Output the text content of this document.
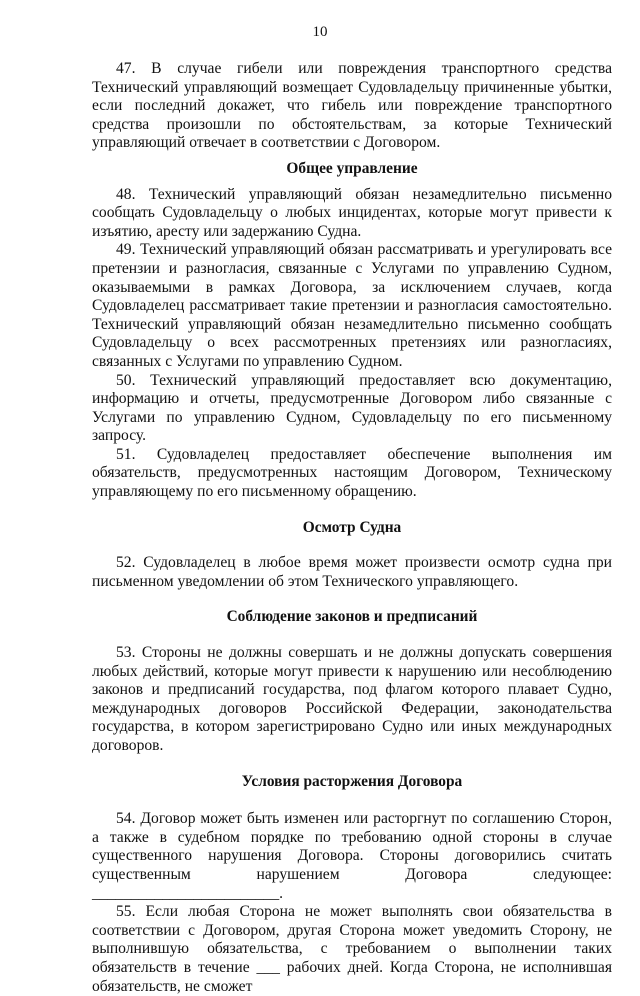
10

47. В случае гибели или повреждения транспортного средства Технический управляющий возмещает Судовладельцу причиненные убытки, если последний докажет, что гибель или повреждение транспортного средства произошли по обстоятельствам, за которые Технический управляющий отвечает в соответствии с Договором.

Общее управление

48. Технический управляющий обязан незамедлительно письменно сообщать Судовладельцу о любых инцидентах, которые могут привести к изъятию, аресту или задержанию Судна.

49. Технический управляющий обязан рассматривать и урегулировать все претензии и разногласия, связанные с Услугами по управлению Судном, оказываемыми в рамках Договора, за исключением случаев, когда Судовладелец рассматривает такие претензии и разногласия самостоятельно. Технический управляющий обязан незамедлительно письменно сообщать Судовладельцу о всех рассмотренных претензиях или разногласиях, связанных с Услугами по управлению Судном.

50. Технический управляющий предоставляет всю документацию, информацию и отчеты, предусмотренные Договором либо связанные с Услугами по управлению Судном, Судовладельцу по его письменному запросу.

51. Судовладелец предоставляет обеспечение выполнения им обязательств, предусмотренных настоящим Договором, Техническому управляющему по его письменному обращению.

Осмотр Судна

52. Судовладелец в любое время может произвести осмотр судна при письменном уведомлении об этом Технического управляющего.

Соблюдение законов и предписаний

53. Стороны не должны совершать и не должны допускать совершения любых действий, которые могут привести к нарушению или несоблюдению законов и предписаний государства, под флагом которого плавает Судно, международных договоров Российской Федерации, законодательства государства, в котором зарегистрировано Судно или иных международных договоров.

Условия расторжения Договора

54. Договор может быть изменен или расторгнут по соглашению Сторон, а также в судебном порядке по требованию одной стороны в случае существенного нарушения Договора. Стороны договорились считать существенным нарушением Договора следующее: ________________________.

55. Если любая Сторона не может выполнять свои обязательства в соответствии с Договором, другая Сторона может уведомить Сторону, не выполнившую обязательства, с требованием о выполнении таких обязательств в течение ___ рабочих дней. Когда Сторона, не исполнившая обязательств, не сможет
